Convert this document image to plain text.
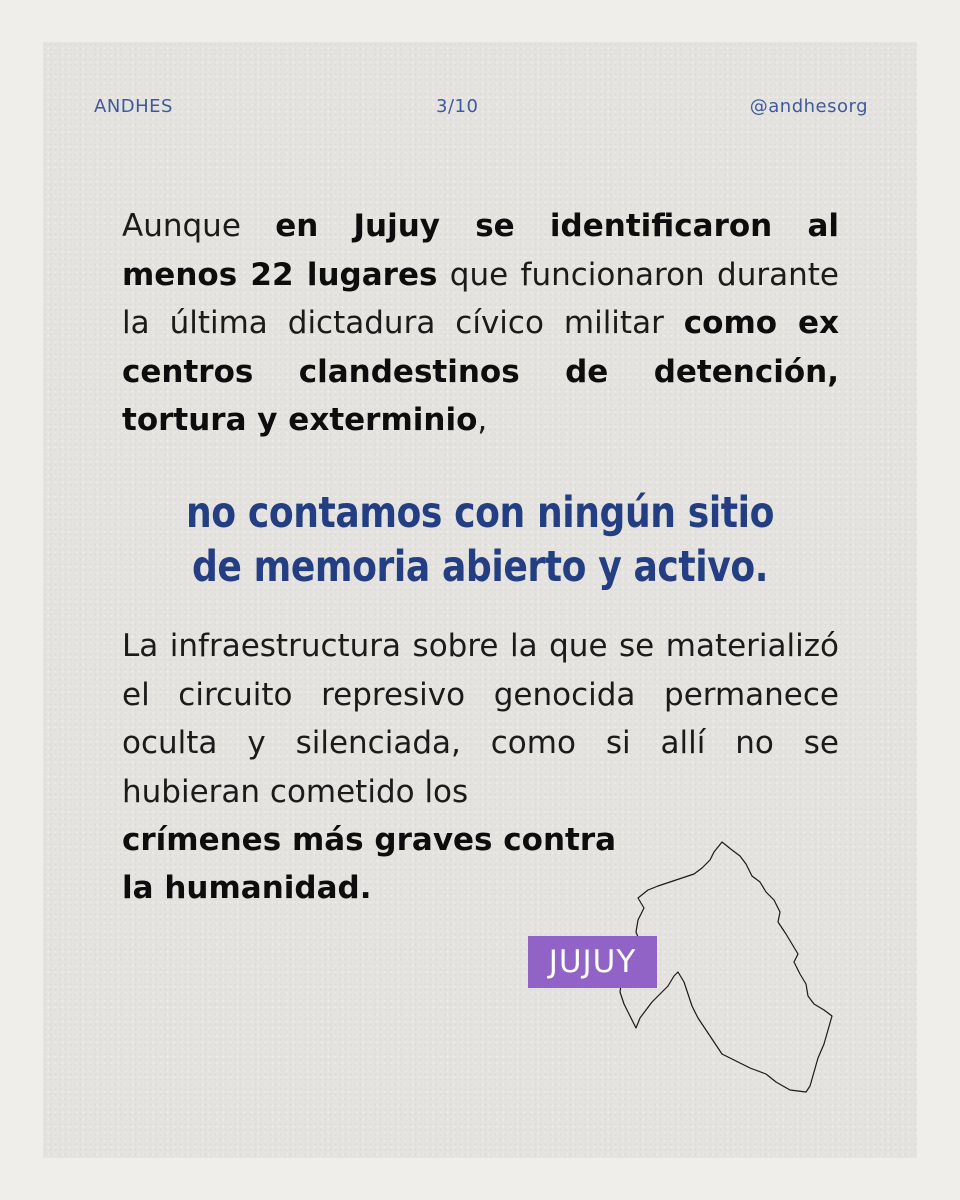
ANDHES	3/10	@andhesorg

Aunque en Jujuy se identificaron al menos 22 lugares que funcionaron durante la última dictadura cívico militar como ex centros clandestinos de detención, tortura y exterminio,

no contamos con ningún sitio
de memoria abierto y activo.

La infraestructura sobre la que se materializó el circuito represivo genocida permanece oculta y silenciada, como si allí no se hubieran cometido los

crímenes más graves contra
la humanidad.

JUJUY
